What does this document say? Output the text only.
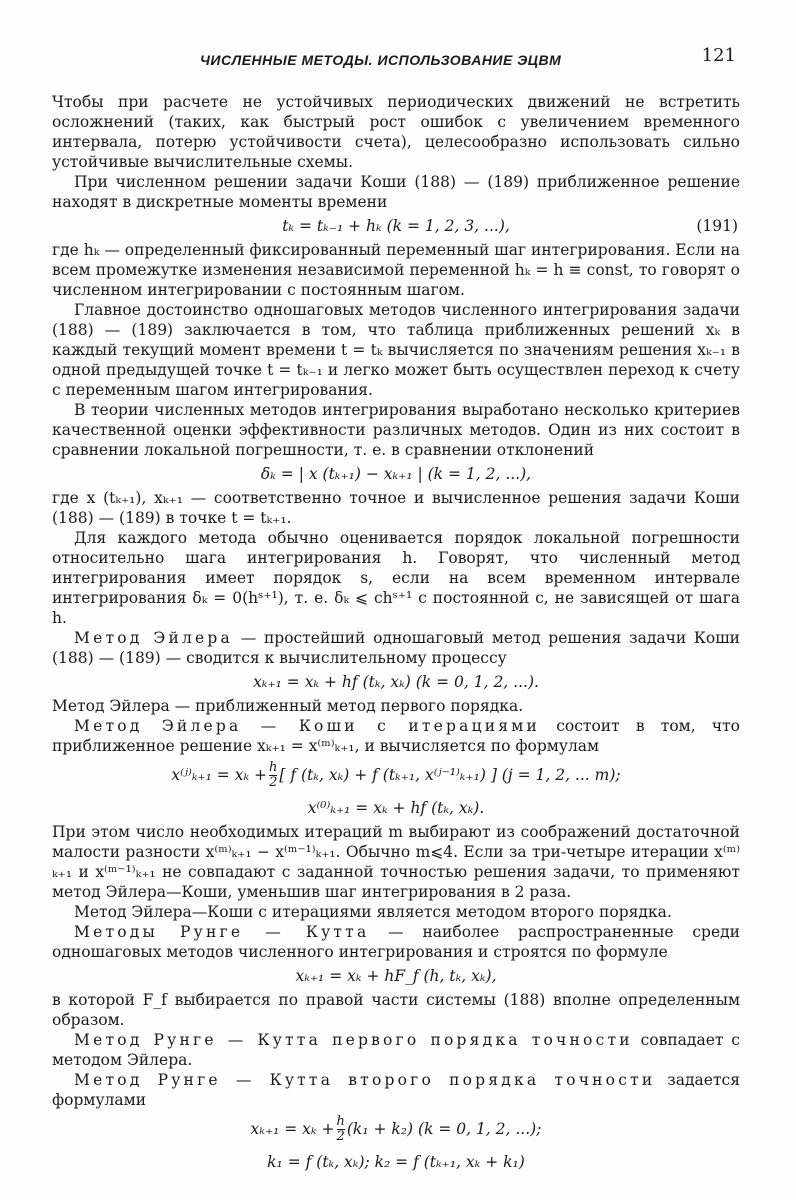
ЧИСЛЕННЫЕ МЕТОДЫ. ИСПОЛЬЗОВАНИЕ ЭЦВМ	121

Чтобы при расчете не устойчивых периодических движений не встретить осложнений (таких, как быстрый рост ошибок с увеличением временного интервала, потерю устойчивости счета), целесообразно использовать сильно устойчивые вычислительные схемы.

При численном решении задачи Коши (188) — (189) приближенное решение находят в дискретные моменты времени

tₖ = tₖ₋₁ + hₖ (k = 1, 2, 3, ...),	(191)

где hₖ — определенный фиксированный переменный шаг интегрирования. Если на всем промежутке изменения независимой переменной hₖ = h ≡ const, то говорят о численном интегрировании с постоянным шагом.

Главное достоинство одношаговых методов численного интегрирования задачи (188) — (189) заключается в том, что таблица приближенных решений xₖ в каждый текущий момент времени t = tₖ вычисляется по значениям решения xₖ₋₁ в одной предыдущей точке t = tₖ₋₁ и легко может быть осуществлен переход к счету с переменным шагом интегрирования.

В теории численных методов интегрирования выработано несколько критериев качественной оценки эффективности различных методов. Один из них состоит в сравнении локальной погрешности, т. е. в сравнении отклонений

δₖ = | x (tₖ₊₁) − xₖ₊₁ | (k = 1, 2, ...),

где x (tₖ₊₁), xₖ₊₁ — соответственно точное и вычисленное решения задачи Коши (188) — (189) в точке t = tₖ₊₁.

Для каждого метода обычно оценивается порядок локальной погрешности относительно шага интегрирования h. Говорят, что численный метод интегрирования имеет порядок s, если на всем временном интервале интегрирования δₖ = 0(hˢ⁺¹), т. е. δₖ ⩽ chˢ⁺¹ с постоянной c, не зависящей от шага h.

Метод Эйлера — простейший одношаговый метод решения задачи Коши (188) — (189) — сводится к вычислительному процессу

xₖ₊₁ = xₖ + hf (tₖ, xₖ) (k = 0, 1, 2, ...).

Метод Эйлера — приближенный метод первого порядка.

Метод Эйлера — Коши с итерациями состоит в том, что приближенное решение xₖ₊₁ = x⁽ᵐ⁾ₖ₊₁, и вычисляется по формулам

x⁽ʲ⁾ₖ₊₁ = $x_k + \frac{h}{2}$ [ f (tₖ, xₖ) + f (tₖ₊₁, x⁽ʲ⁻¹⁾ₖ₊₁) ] (j = 1, 2, ... m);
x⁽⁰⁾ₖ₊₁ = xₖ + hf (tₖ, xₖ).

При этом число необходимых итераций m выбирают из соображений достаточной малости разности x⁽ᵐ⁾ₖ₊₁ − x⁽ᵐ⁻¹⁾ₖ₊₁. Обычно m⩽4. Если за три-четыре итерации x⁽ᵐ⁾ₖ₊₁ и x⁽ᵐ⁻¹⁾ₖ₊₁ не совпадают с заданной точностью решения задачи, то применяют метод Эйлера—Коши, уменьшив шаг интегрирования в 2 раза.

Метод Эйлера—Коши с итерациями является методом второго порядка.

Методы Рунге — Кутта — наиболее распространенные среди одношаговых методов численного интегрирования и строятся по формуле

xₖ₊₁ = xₖ + hF_f (h, tₖ, xₖ),

в которой F_f выбирается по правой части системы (188) вполне определенным образом.

Метод Рунге — Кутта первого порядка точности совпадает с методом Эйлера.

Метод Рунге — Кутта второго порядка точности задается формулами

$x_{k+1} = x_k + \frac{h}{2} (k_1 + k_2) (k = 0$, 1, 2, ...);
k₁ = f (tₖ, xₖ); k₂ = f (tₖ₊₁, xₖ + k₁)
